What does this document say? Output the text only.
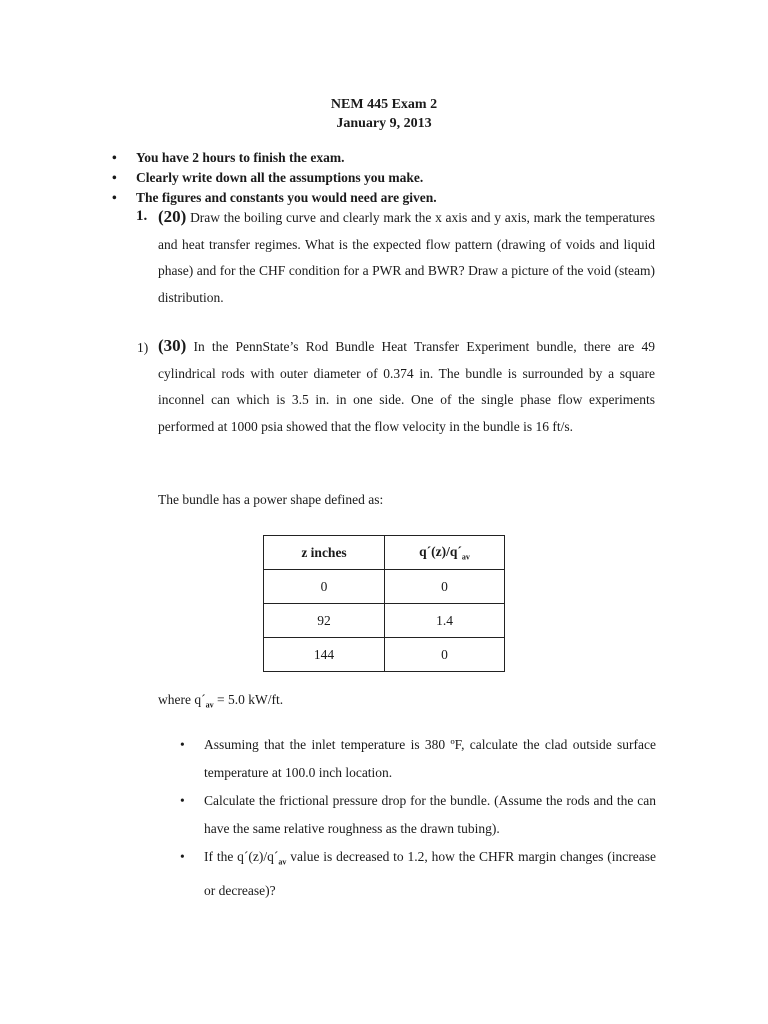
NEM 445 Exam 2
January 9, 2013
• You have 2 hours to finish the exam.
• Clearly write down all the assumptions you make.
• The figures and constants you would need are given.
1. (20) Draw the boiling curve and clearly mark the x axis and y axis, mark the temperatures and heat transfer regimes. What is the expected flow pattern (drawing of voids and liquid phase) and for the CHF condition for a PWR and BWR? Draw a picture of the void (steam) distribution.
1) (30) In the PennState’s Rod Bundle Heat Transfer Experiment bundle, there are 49 cylindrical rods with outer diameter of 0.374 in. The bundle is surrounded by a square inconnel can which is 3.5 in. in one side. One of the single phase flow experiments performed at 1000 psia showed that the flow velocity in the bundle is 16 ft/s.
The bundle has a power shape defined as:
z inches	$q´(z)/q´_{av}$
0	0
92	1.4
144	0
where $q´_{av} = 5.0$ kW/ft.
• Assuming that the inlet temperature is 380 ºF, calculate the clad outside surface temperature at 100.0 inch location.
• Calculate the frictional pressure drop for the bundle. (Assume the rods and the can have the same relative roughness as the drawn tubing).
• If the $q´(z)/q´_{av}$ value is decreased to 1.2, how the CHFR margin changes (increase or decrease)?
